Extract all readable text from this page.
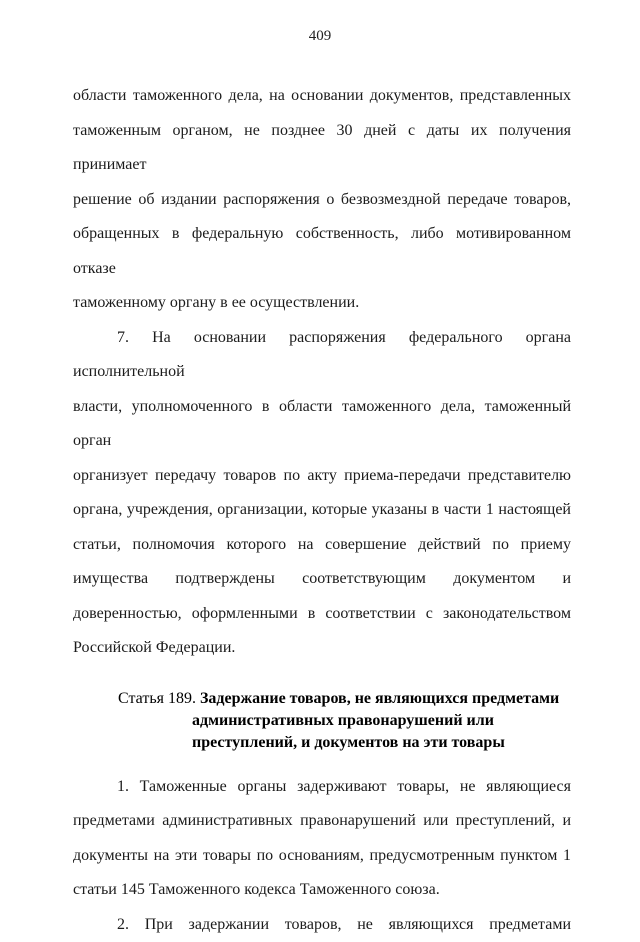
409
области таможенного дела, на основании документов, представленных
таможенным органом, не позднее 30 дней с даты их получения принимает
решение об издании распоряжения о безвозмездной передаче товаров,
обращенных в федеральную собственность, либо мотивированном отказе
таможенному органу в ее осуществлении.
7. На основании распоряжения федерального органа исполнительной
власти, уполномоченного в области таможенного дела, таможенный орган
организует передачу товаров по акту приема-передачи представителю
органа, учреждения, организации, которые указаны в части 1 настоящей
статьи, полномочия которого на совершение действий по приему
имущества подтверждены соответствующим документом и
доверенностью, оформленными в соответствии с законодательством
Российской Федерации.
Статья 189. Задержание товаров, не являющихся предметами
административных правонарушений или
преступлений, и документов на эти товары
1. Таможенные органы задерживают товары, не являющиеся
предметами административных правонарушений или преступлений, и
документы на эти товары по основаниям, предусмотренным пунктом 1
статьи 145 Таможенного кодекса Таможенного союза.
2. При задержании товаров, не являющихся предметами
